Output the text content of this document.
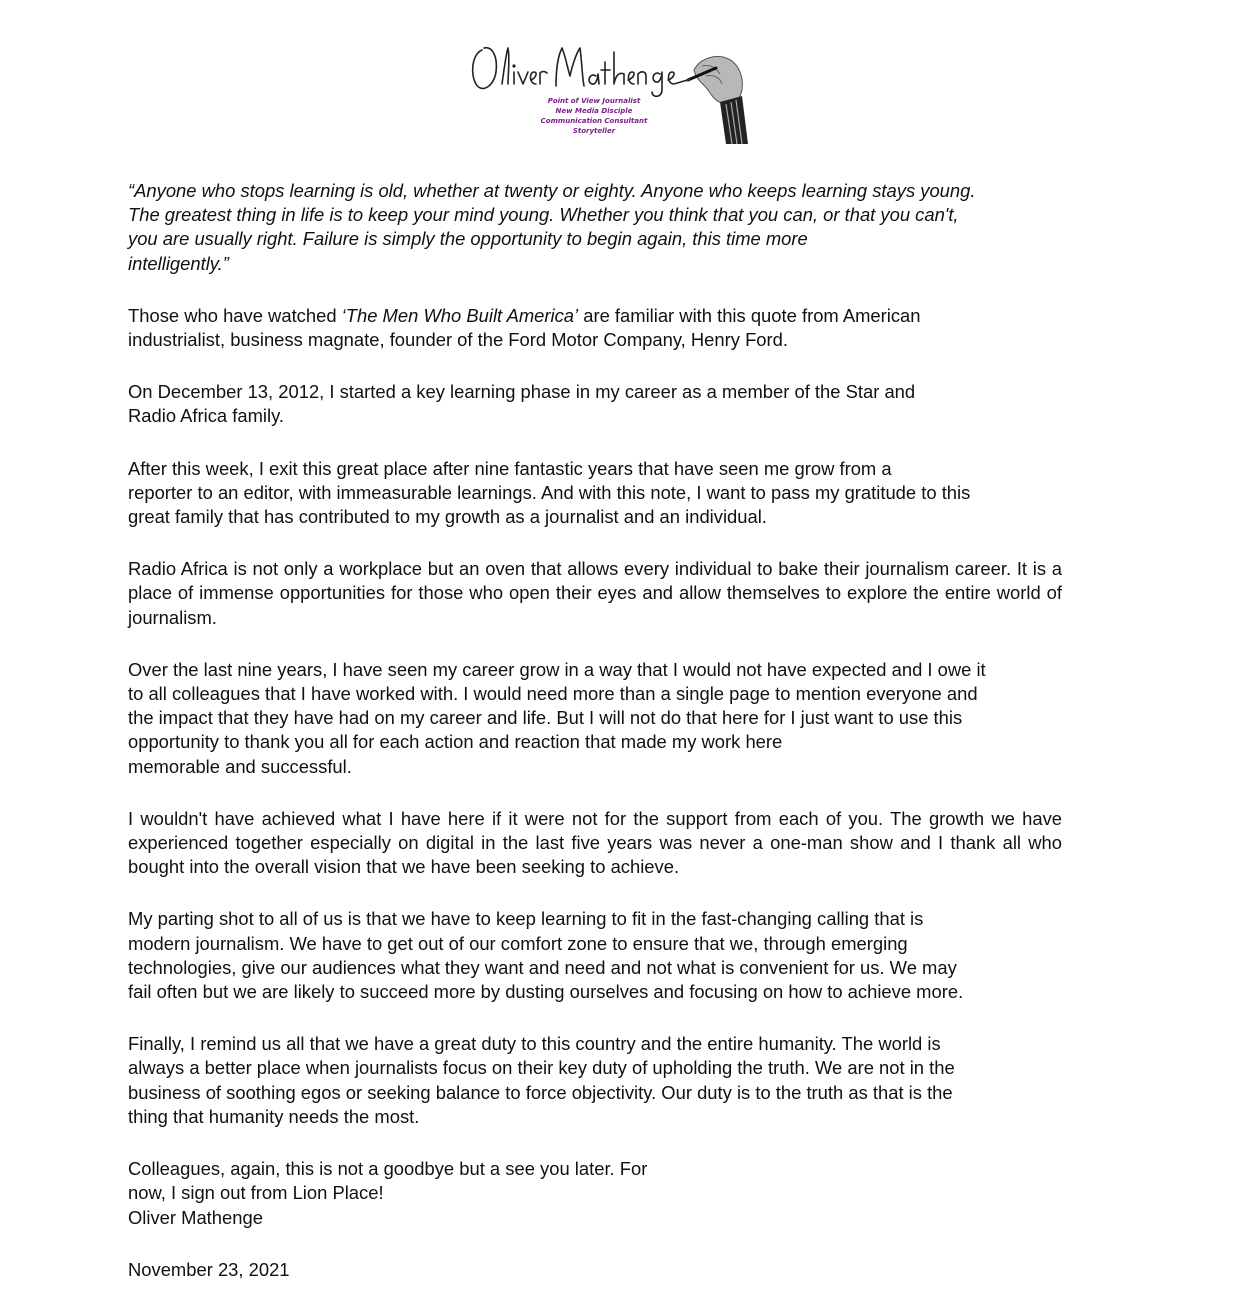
Point of View Journalist
New Media Disciple
Communication Consultant
Storyteller

“Anyone who stops learning is old, whether at twenty or eighty. Anyone who keeps learning stays young.
The greatest thing in life is to keep your mind young. Whether you think that you can, or that you can't,
you are usually right. Failure is simply the opportunity to begin again, this time more
intelligently.”

Those who have watched ‘The Men Who Built America’ are familiar with this quote from American
industrialist, business magnate, founder of the Ford Motor Company, Henry Ford.

On December 13, 2012, I started a key learning phase in my career as a member of the Star and
Radio Africa family.

After this week, I exit this great place after nine fantastic years that have seen me grow from a
reporter to an editor, with immeasurable learnings. And with this note, I want to pass my gratitude to this
great family that has contributed to my growth as a journalist and an individual.

Radio Africa is not only a workplace but an oven that allows every individual to bake their journalism career. It is a place of immense opportunities for those who open their eyes and allow themselves to explore the entire world of journalism.

Over the last nine years, I have seen my career grow in a way that I would not have expected and I owe it
to all colleagues that I have worked with. I would need more than a single page to mention everyone and
the impact that they have had on my career and life. But I will not do that here for I just want to use this
opportunity to thank you all for each action and reaction that made my work here
memorable and successful.

I wouldn't have achieved what I have here if it were not for the support from each of you. The growth we have experienced together especially on digital in the last five years was never a one-man show and I thank all who bought into the overall vision that we have been seeking to achieve.

My parting shot to all of us is that we have to keep learning to fit in the fast-changing calling that is
modern journalism. We have to get out of our comfort zone to ensure that we, through emerging
technologies, give our audiences what they want and need and not what is convenient for us. We may
fail often but we are likely to succeed more by dusting ourselves and focusing on how to achieve more.

Finally, I remind us all that we have a great duty to this country and the entire humanity. The world is
always a better place when journalists focus on their key duty of upholding the truth. We are not in the
business of soothing egos or seeking balance to force objectivity. Our duty is to the truth as that is the
thing that humanity needs the most.

Colleagues, again, this is not a goodbye but a see you later. For
now, I sign out from Lion Place!
Oliver Mathenge

November 23, 2021
